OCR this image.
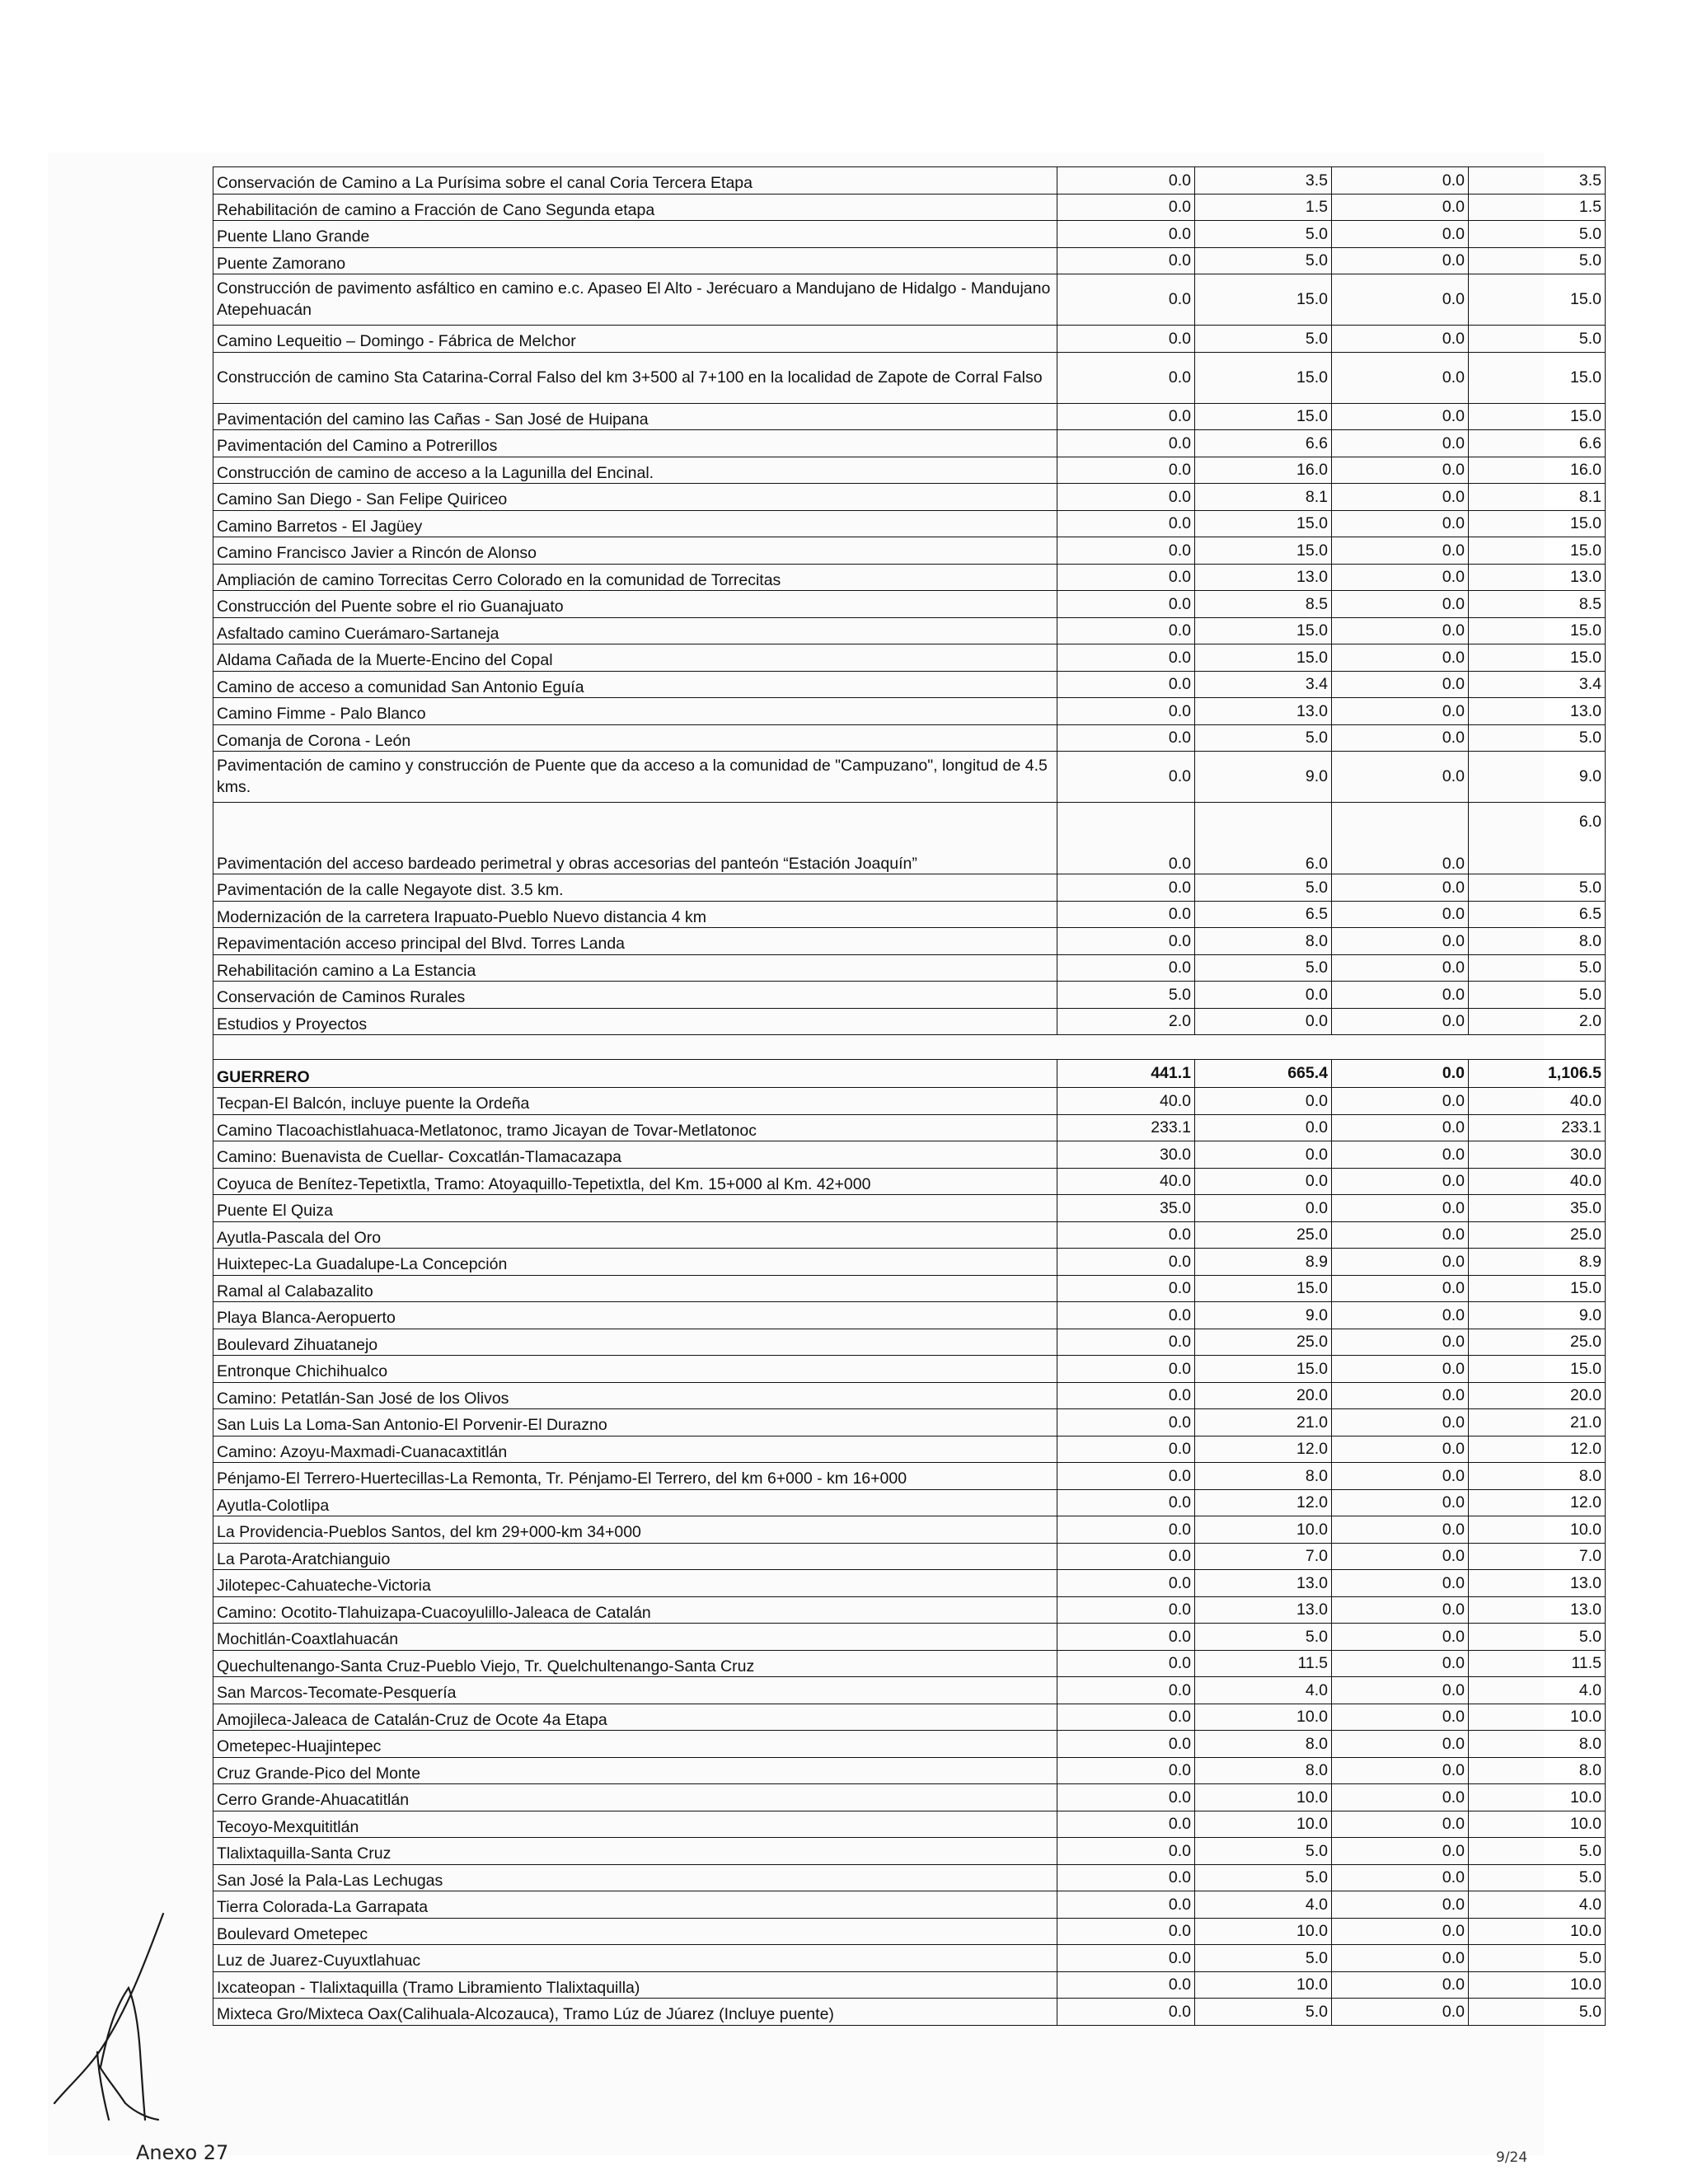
Conservación de Camino a La Purísima sobre el canal Coria Tercera Etapa	0.0	3.5	0.0	3.5
Rehabilitación de camino a Fracción de Cano Segunda etapa	0.0	1.5	0.0	1.5
Puente Llano Grande	0.0	5.0	0.0	5.0
Puente Zamorano	0.0	5.0	0.0	5.0
Construcción de pavimento asfáltico en camino e.c. Apaseo El Alto - Jerécuaro a Mandujano de Hidalgo - Mandujano Atepehuacán	0.0	15.0	0.0	15.0
Camino Lequeitio – Domingo - Fábrica de Melchor	0.0	5.0	0.0	5.0
Construcción de camino Sta Catarina-Corral Falso del km 3+500 al 7+100 en la localidad de Zapote de Corral Falso	0.0	15.0	0.0	15.0
Pavimentación del camino las Cañas - San José de Huipana	0.0	15.0	0.0	15.0
Pavimentación del Camino a Potrerillos	0.0	6.6	0.0	6.6
Construcción de camino de acceso a la Lagunilla del Encinal.	0.0	16.0	0.0	16.0
Camino San Diego - San Felipe Quiriceo	0.0	8.1	0.0	8.1
Camino Barretos - El Jagüey	0.0	15.0	0.0	15.0
Camino Francisco Javier a Rincón de Alonso	0.0	15.0	0.0	15.0
Ampliación de camino Torrecitas Cerro Colorado en la comunidad de Torrecitas	0.0	13.0	0.0	13.0
Construcción del Puente sobre el rio Guanajuato	0.0	8.5	0.0	8.5
Asfaltado camino Cuerámaro-Sartaneja	0.0	15.0	0.0	15.0
Aldama Cañada de la Muerte-Encino del Copal	0.0	15.0	0.0	15.0
Camino de acceso a comunidad San Antonio Eguía	0.0	3.4	0.0	3.4
Camino Fimme - Palo Blanco	0.0	13.0	0.0	13.0
Comanja de Corona - León	0.0	5.0	0.0	5.0
Pavimentación de camino y construcción de Puente que da acceso a la comunidad de "Campuzano", longitud de 4.5 kms.	0.0	9.0	0.0	9.0
Pavimentación del acceso bardeado perimetral y obras accesorias del panteón “Estación Joaquín”	0.0	6.0	0.0	6.0
Pavimentación de la calle Negayote dist. 3.5 km.	0.0	5.0	0.0	5.0
Modernización de la carretera Irapuato-Pueblo Nuevo distancia 4 km	0.0	6.5	0.0	6.5
Repavimentación acceso principal del Blvd. Torres Landa	0.0	8.0	0.0	8.0
Rehabilitación camino a La Estancia	0.0	5.0	0.0	5.0
Conservación de Caminos Rurales	5.0	0.0	0.0	5.0
Estudios y Proyectos	2.0	0.0	0.0	2.0

GUERRERO	441.1	665.4	0.0	1,106.5
Tecpan-El Balcón, incluye puente la Ordeña	40.0	0.0	0.0	40.0
Camino Tlacoachistlahuaca-Metlatonoc, tramo Jicayan de Tovar-Metlatonoc	233.1	0.0	0.0	233.1
Camino: Buenavista de Cuellar- Coxcatlán-Tlamacazapa	30.0	0.0	0.0	30.0
Coyuca de Benítez-Tepetixtla, Tramo: Atoyaquillo-Tepetixtla, del Km. 15+000 al Km. 42+000	40.0	0.0	0.0	40.0
Puente El Quiza	35.0	0.0	0.0	35.0
Ayutla-Pascala del Oro	0.0	25.0	0.0	25.0
Huixtepec-La Guadalupe-La Concepción	0.0	8.9	0.0	8.9
Ramal al Calabazalito	0.0	15.0	0.0	15.0
Playa Blanca-Aeropuerto	0.0	9.0	0.0	9.0
Boulevard Zihuatanejo	0.0	25.0	0.0	25.0
Entronque Chichihualco	0.0	15.0	0.0	15.0
Camino: Petatlán-San José de los Olivos	0.0	20.0	0.0	20.0
San Luis La Loma-San Antonio-El Porvenir-El Durazno	0.0	21.0	0.0	21.0
Camino: Azoyu-Maxmadi-Cuanacaxtitlán	0.0	12.0	0.0	12.0
Pénjamo-El Terrero-Huertecillas-La Remonta, Tr. Pénjamo-El Terrero, del km 6+000 - km 16+000	0.0	8.0	0.0	8.0
Ayutla-Colotlipa	0.0	12.0	0.0	12.0
La Providencia-Pueblos Santos, del km 29+000-km 34+000	0.0	10.0	0.0	10.0
La Parota-Aratchianguio	0.0	7.0	0.0	7.0
Jilotepec-Cahuateche-Victoria	0.0	13.0	0.0	13.0
Camino: Ocotito-Tlahuizapa-Cuacoyulillo-Jaleaca de Catalán	0.0	13.0	0.0	13.0
Mochitlán-Coaxtlahuacán	0.0	5.0	0.0	5.0
Quechultenango-Santa Cruz-Pueblo Viejo, Tr. Quelchultenango-Santa Cruz	0.0	11.5	0.0	11.5
San Marcos-Tecomate-Pesquería	0.0	4.0	0.0	4.0
Amojileca-Jaleaca de Catalán-Cruz de Ocote 4a Etapa	0.0	10.0	0.0	10.0
Ometepec-Huajintepec	0.0	8.0	0.0	8.0
Cruz Grande-Pico del Monte	0.0	8.0	0.0	8.0
Cerro Grande-Ahuacatitlán	0.0	10.0	0.0	10.0
Tecoyo-Mexquititlán	0.0	10.0	0.0	10.0
Tlalixtaquilla-Santa Cruz	0.0	5.0	0.0	5.0
San José la Pala-Las Lechugas	0.0	5.0	0.0	5.0
Tierra Colorada-La Garrapata	0.0	4.0	0.0	4.0
Boulevard Ometepec	0.0	10.0	0.0	10.0
Luz de Juarez-Cuyuxtlahuac	0.0	5.0	0.0	5.0
Ixcateopan - Tlalixtaquilla (Tramo Libramiento Tlalixtaquilla)	0.0	10.0	0.0	10.0
Mixteca Gro/Mixteca Oax(Calihuala-Alcozauca), Tramo Lúz de Júarez (Incluye puente)	0.0	5.0	0.0	5.0
Anexo 27	9/24
